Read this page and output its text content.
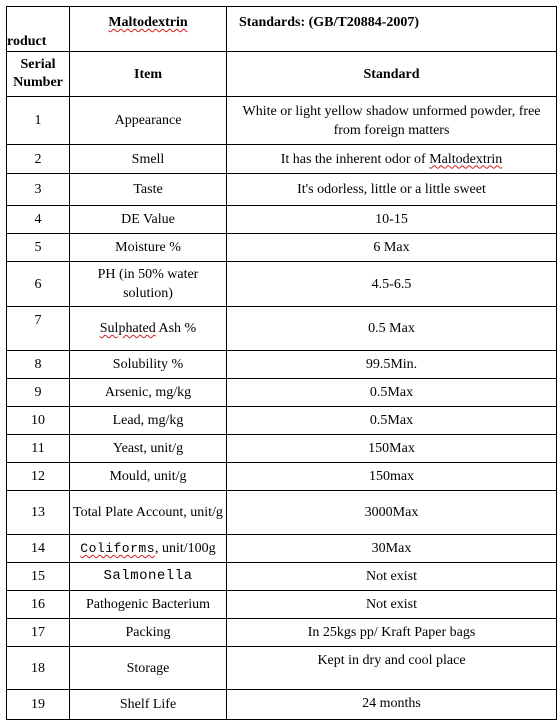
roduct	Maltodextrin	Standards: (GB/T20884-2007)
Serial Number	Item	Standard
1	Appearance	White or light yellow shadow unformed powder, free from foreign matters
2	Smell	It has the inherent odor of Maltodextrin
3	Taste	It's odorless, little or a little sweet
4	DE Value	10-15
5	Moisture %	6 Max
6	PH (in 50% water solution)	4.5-6.5
7	Sulphated Ash %	0.5 Max
8	Solubility %	99.5Min.
9	Arsenic, mg/kg	0.5Max
10	Lead, mg/kg	0.5Max
11	Yeast, unit/g	150Max
12	Mould, unit/g	150max
13	Total Plate Account, unit/g	3000Max
14	Coliforms, unit/100g	30Max
15	Salmonella	Not exist
16	Pathogenic Bacterium	Not exist
17	Packing	In 25kgs pp/ Kraft Paper bags
18	Storage	Kept in dry and cool place
19	Shelf Life	24 months
